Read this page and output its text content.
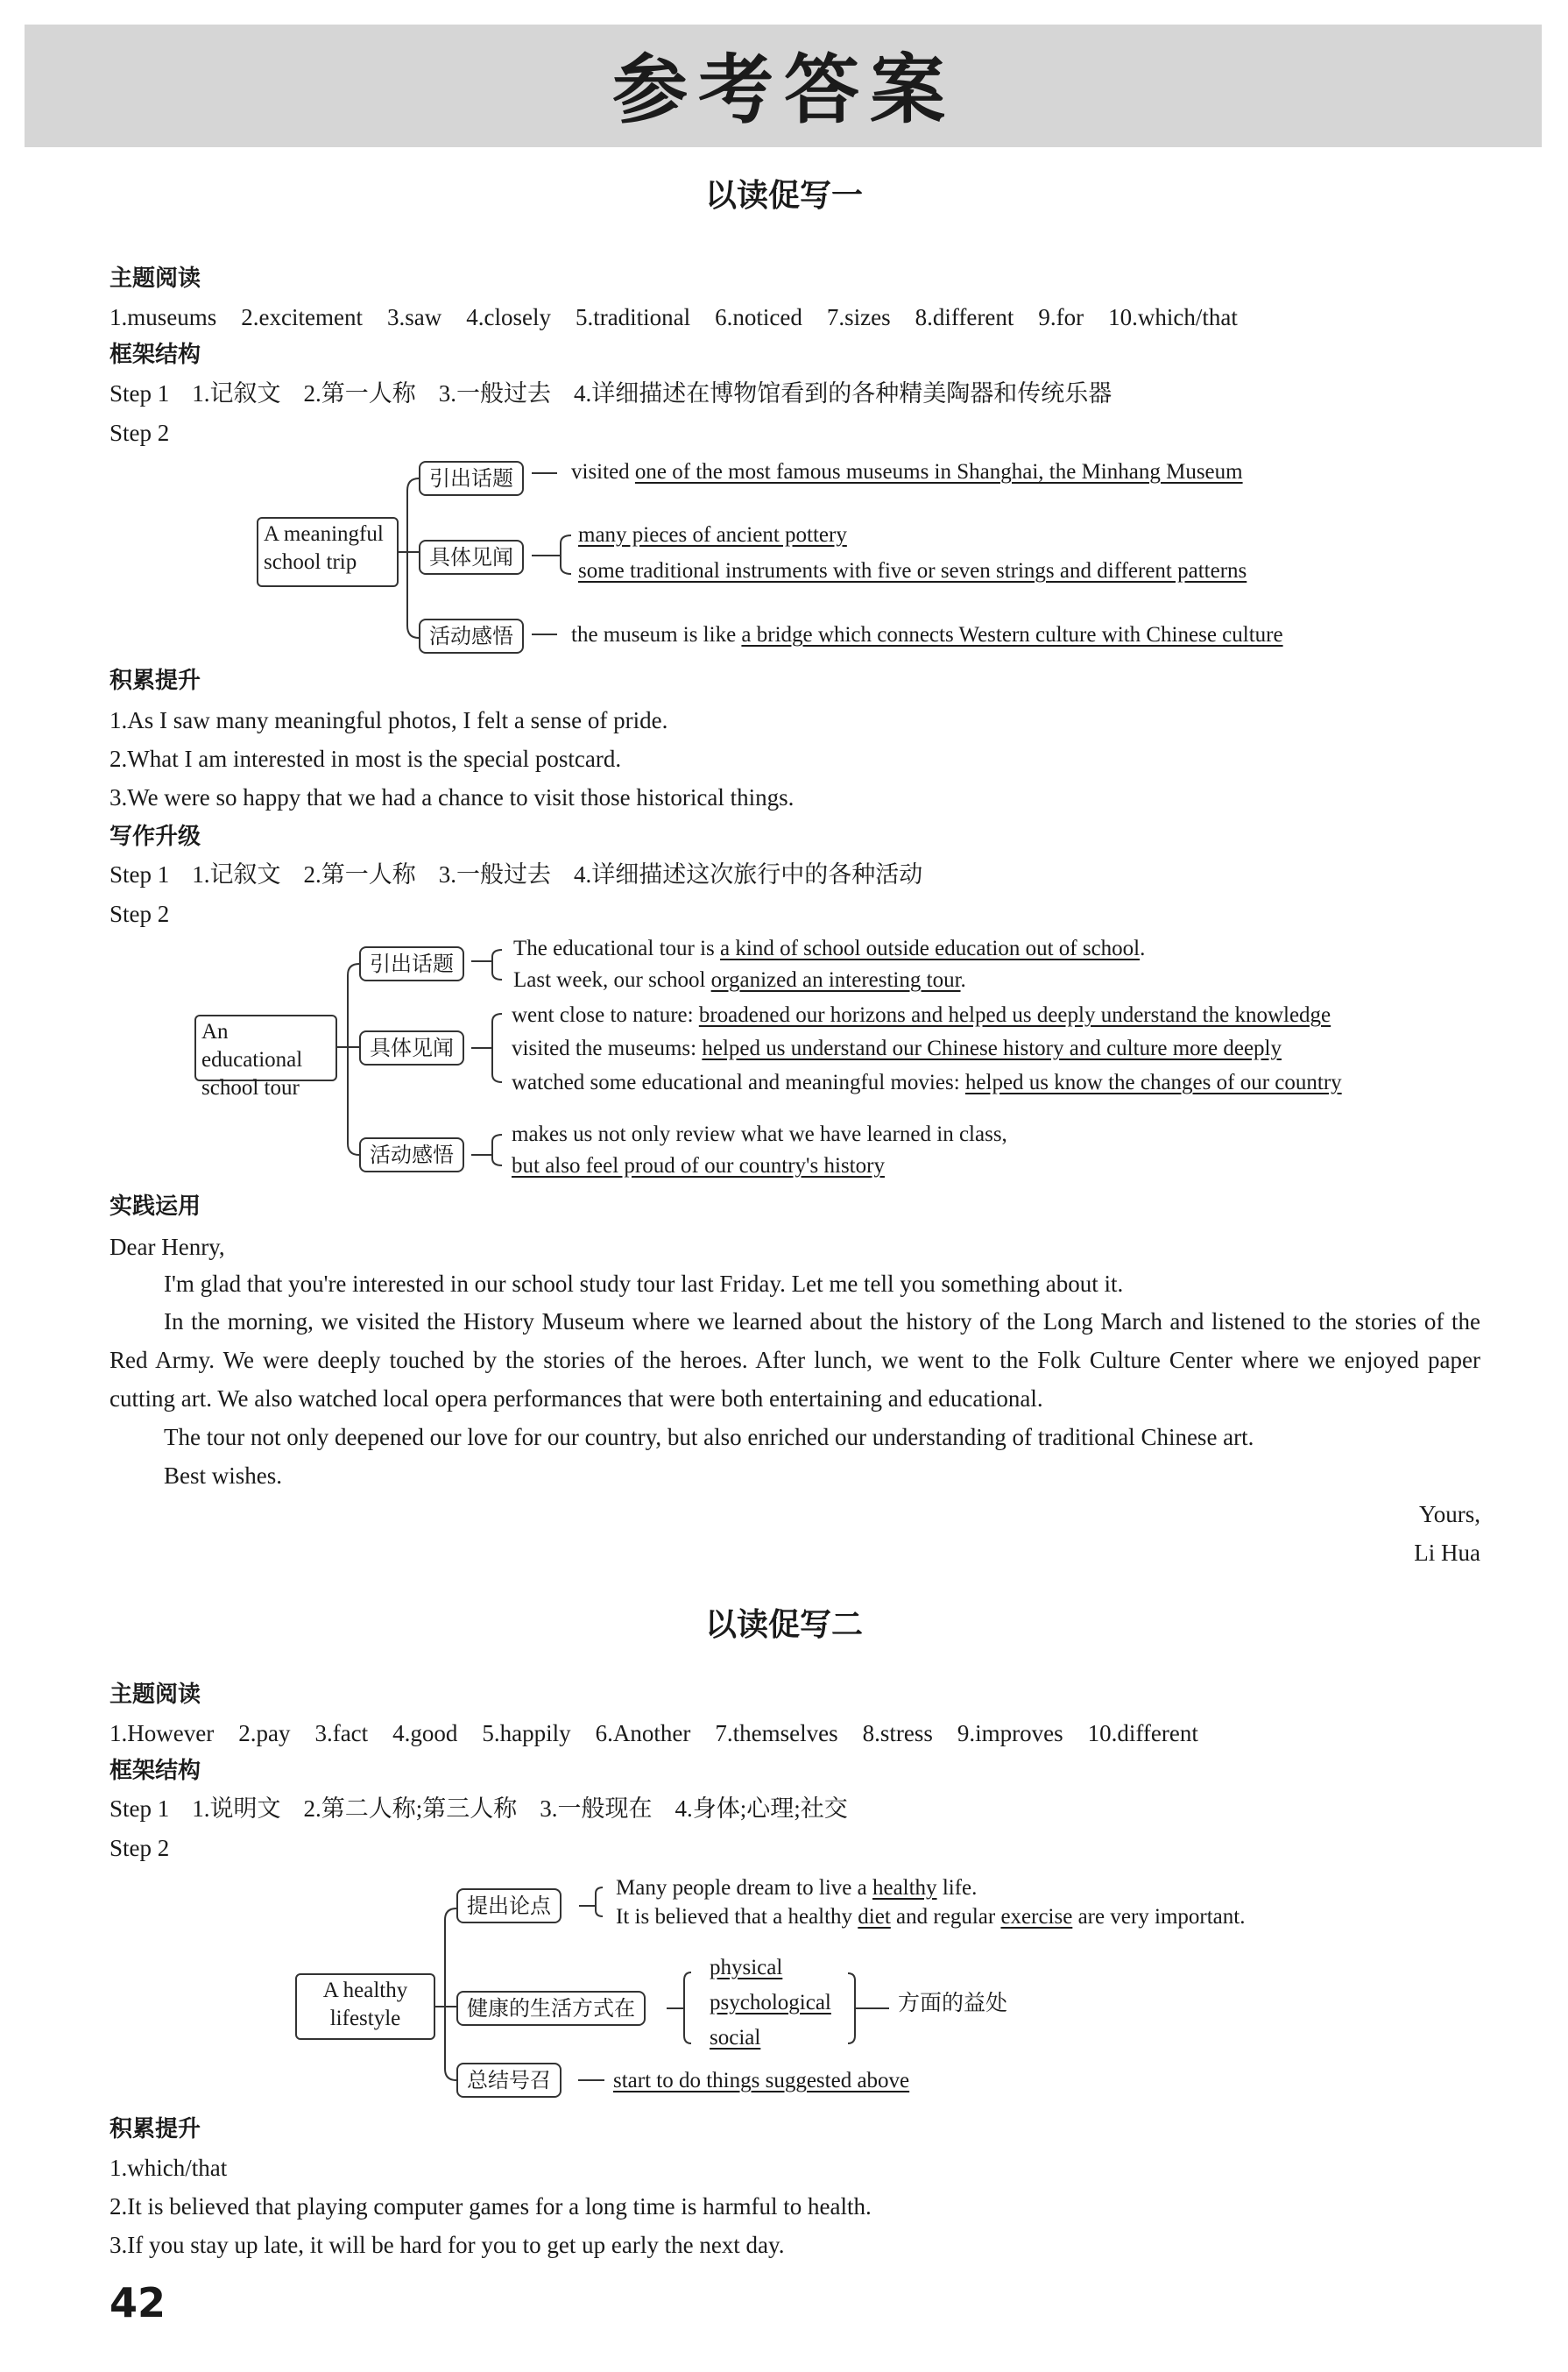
参考答案
以读促写一
主题阅读
1.museums 2.excitement 3.saw 4.closely 5.traditional 6.noticed 7.sizes 8.different 9.for 10.which/that
框架结构
Step 1 1.记叙文 2.第一人称 3.一般过去 4.详细描述在博物馆看到的各种精美陶器和传统乐器
Step 2
A meaningful school trip
引出话题	visited one of the most famous museums in Shanghai, the Minhang Museum
具体见闻
many pieces of ancient pottery
some traditional instruments with five or seven strings and different patterns
活动感悟	the museum is like a bridge which connects Western culture with Chinese culture
积累提升
1.As I saw many meaningful photos, I felt a sense of pride.
2.What I am interested in most is the special postcard.
3.We were so happy that we had a chance to visit those historical things.
写作升级
Step 1 1.记叙文 2.第一人称 3.一般过去 4.详细描述这次旅行中的各种活动
Step 2
An educational school tour
引出话题
The educational tour is a kind of school outside education out of school.
Last week, our school organized an interesting tour.
具体见闻
went close to nature: broadened our horizons and helped us deeply understand the knowledge
visited the museums: helped us understand our Chinese history and culture more deeply
watched some educational and meaningful movies: helped us know the changes of our country
活动感悟
makes us not only review what we have learned in class,
but also feel proud of our country's history
实践运用
Dear Henry,
I'm glad that you're interested in our school study tour last Friday. Let me tell you something about it.
In the morning, we visited the History Museum where we learned about the history of the Long March and listened to the stories of the Red Army. We were deeply touched by the stories of the heroes. After lunch, we went to the Folk Culture Center where we enjoyed paper cutting art. We also watched local opera performances that were both entertaining and educational.
The tour not only deepened our love for our country, but also enriched our understanding of traditional Chinese art.
Best wishes.
Yours,
Li Hua
以读促写二
主题阅读
1.However 2.pay 3.fact 4.good 5.happily 6.Another 7.themselves 8.stress 9.improves 10.different
框架结构
Step 1 1.说明文 2.第二人称;第三人称 3.一般现在 4.身体;心理;社交
Step 2
A healthy lifestyle
提出论点
Many people dream to live a healthy life.
It is believed that a healthy diet and regular exercise are very important.
健康的生活方式在
physical
psychological
social
方面的益处
总结号召	start to do things suggested above
积累提升
1.which/that
2.It is believed that playing computer games for a long time is harmful to health.
3.If you stay up late, it will be hard for you to get up early the next day.
42
